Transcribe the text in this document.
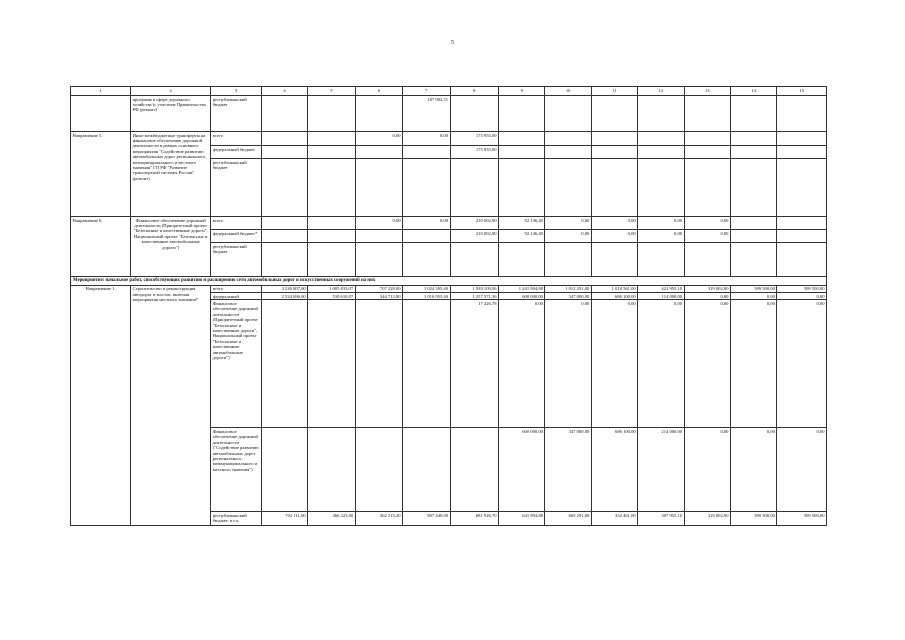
5
1	2	3	4	5	6	7	8	9	10	11	12	13	14	15
	программ в сфере дорожного хозяйства (с участием Правительства РФ (ремонт)	республиканский бюджет				187 902,51								
Направление 5.	Иные межбюджетные трансферты на финансовое обеспечение дорожной деятельности в рамках основного мероприятия "Содействие развитию автомобильных дорог регионального, межмуниципального и местного значения" ГП РФ "Развитие транспортной системы России" (ремонт)	всего			0,00	0,00	175 955,00							
		федеральный бюджет					175 955,00							
		республиканский бюджет												
Направление 6.	Финансовое обеспечение дорожной деятельности (Приоритетный проект "Безопасные и качественные дороги", Национальный проект "Безопасные и качественные автомобильные дороги")	всего			0,00	0,00	210 002,90	92 146,40	0,00	0,00	0,00	0,00		
		федеральный бюджет*					210 002,90	92 146,40	0,00	0,00	0,00	0,00		
		республиканский бюджет												
Мероприятие: начальное работ, способствующих развитию и расширению сети автомобильных дорог и искусственных сооружений на них														
Направление 1.	Строительство и реконструкция автодорог и мостов, включая мероприятия местного значения*	всего	3 226 807,00	1 005 833,07	707 228,00	1 024 395,40	1 939 109,56	1 241 994,88	1 012 291,00	1 018 561,00	421 955,10	319 002,90	399 500,00	399 500,00
		федеральный	2 524 696,00	539 610,07	344 712,80	1 016 955,40	1 257 571,36	600 000,00	347 000,00	686 100,00	114 000,00	0,00	0,00	0,00
		Финансовое обеспечение дорожной деятельности (Приоритетный проект "Безопасные и качественные дороги", Национальный проект "Безопасные и качественные автомобильные дороги")					17 426,78	0,00	0,00	0,00	0,00	0,00	0,00	0,00
		Финансовое обеспечение дорожной деятельности ("Содействие развитию автомобильных дорог регионального, межмуниципального и местного значения")						600 000,00	347 000,00	686 100,00	214 000,00	0,00	0,00	0,00
		республиканский бюджет, в т.ч.	702 111,00	466 223,00	362 515,20	807 440,00	681 926,70	641 994,88	665 291,00	332 461,00	307 955,10	319 002,90	399 500,00	399 500,00
